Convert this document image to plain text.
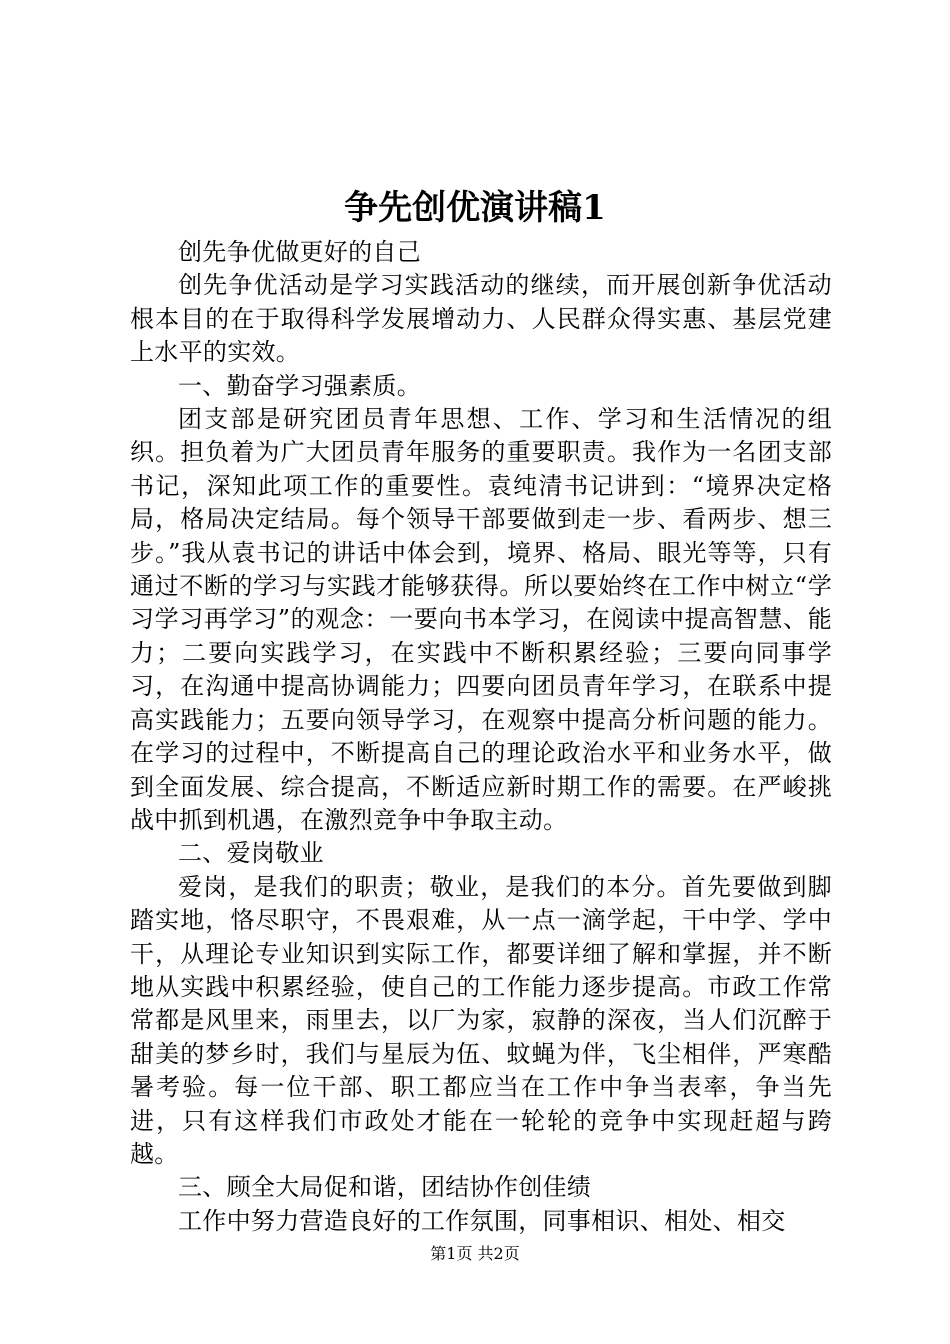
争先创优演讲稿1

创先争优做更好的自己

创先争优活动是学习实践活动的继续，而开展创新争优活动根本目的在于取得科学发展增动力、人民群众得实惠、基层党建上水平的实效。

一、勤奋学习强素质。

团支部是研究团员青年思想、工作、学习和生活情况的组织。担负着为广大团员青年服务的重要职责。我作为一名团支部书记，深知此项工作的重要性。袁纯清书记讲到：“境界决定格局，格局决定结局。每个领导干部要做到走一步、看两步、想三步。”我从袁书记的讲话中体会到，境界、格局、眼光等等，只有通过不断的学习与实践才能够获得。所以要始终在工作中树立“学习学习再学习”的观念：一要向书本学习，在阅读中提高智慧、能力；二要向实践学习，在实践中不断积累经验；三要向同事学习，在沟通中提高协调能力；四要向团员青年学习，在联系中提高实践能力；五要向领导学习，在观察中提高分析问题的能力。在学习的过程中，不断提高自己的理论政治水平和业务水平，做到全面发展、综合提高，不断适应新时期工作的需要。在严峻挑战中抓到机遇，在激烈竞争中争取主动。

二、爱岗敬业

爱岗，是我们的职责；敬业，是我们的本分。首先要做到脚踏实地，恪尽职守，不畏艰难，从一点一滴学起，干中学、学中干，从理论专业知识到实际工作，都要详细了解和掌握，并不断地从实践中积累经验，使自己的工作能力逐步提高。市政工作常常都是风里来，雨里去，以厂为家，寂静的深夜，当人们沉醉于甜美的梦乡时，我们与星辰为伍、蚊蝇为伴，飞尘相伴，严寒酷暑考验。每一位干部、职工都应当在工作中争当表率，争当先进，只有这样我们市政处才能在一轮轮的竞争中实现赶超与跨越。

三、顾全大局促和谐，团结协作创佳绩

工作中努力营造良好的工作氛围，同事相识、相处、相交

第1页 共2页
